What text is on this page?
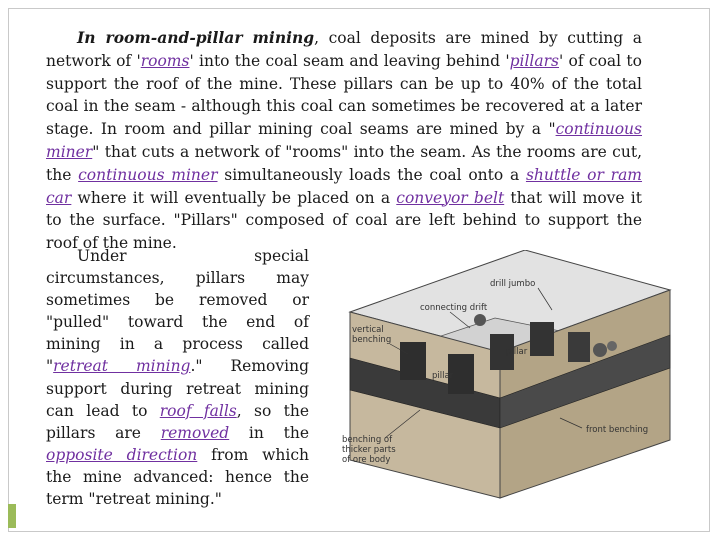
In room-and-pillar mining, coal deposits are mined by cutting a network of 'rooms' into the coal seam and leaving behind 'pillars' of coal to support the roof of the mine. These pillars can be up to 40% of the total coal in the seam - although this coal can sometimes be recovered at a later stage. In room and pillar mining coal seams are mined by a "continuous miner" that cuts a network of "rooms" into the seam. As the rooms are cut, the continuous miner simultaneously loads the coal onto a shuttle or ram car where it will eventually be placed on a conveyor belt that will move it to the surface. "Pillars" composed of coal are left behind to support the roof of the mine.

Under special circumstances, pillars may sometimes be removed or "pulled" toward the end of mining in a process called "retreat mining." Removing support during retreat mining can lead to roof falls, so the pillars are removed in the opposite direction from which the mine advanced: hence the term "retreat mining."

drill jumbo
connecting drift
vertical
benching
pillar
pillar
front benching
benching of
thicker parts
of ore body
